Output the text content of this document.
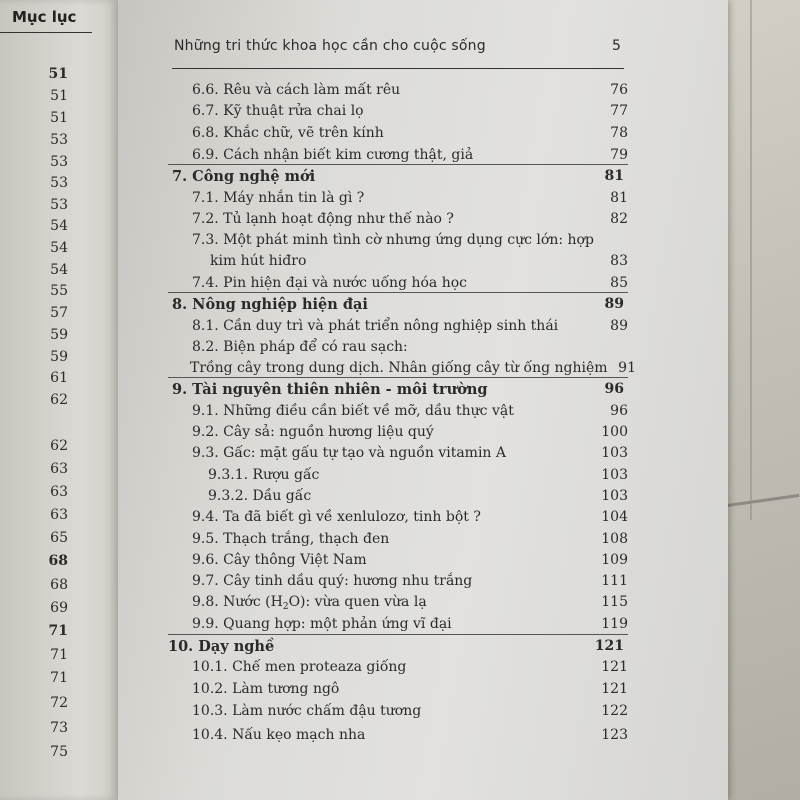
Mục lục
51
51
51
53
53
53
53
54
54
54
55
57
59
59
61
62
62
63
63
63
65
68
68
69
71
71
71
72
73
75
Những tri thức khoa học cần cho cuộc sống	5
6.6. Rêu và cách làm mất rêu	76
6.7. Kỹ thuật rửa chai lọ	77
6.8. Khắc chữ, vẽ trên kính	78
6.9. Cách nhận biết kim cương thật, giả	79
7. Công nghệ mới	81
7.1. Máy nhắn tin là gì ?	81
7.2. Tủ lạnh hoạt động như thế nào ?	82
7.3. Một phát minh tình cờ nhưng ứng dụng cực lớn: hợp
kim hút hiđro	83
7.4. Pin hiện đại và nước uống hóa học	85
8. Nông nghiệp hiện đại	89
8.1. Cần duy trì và phát triển nông nghiệp sinh thái	89
8.2. Biện pháp để có rau sạch:
Trồng cây trong dung dịch. Nhân giống cây từ ống nghiệm 91
9. Tài nguyên thiên nhiên - môi trường	96
9.1. Những điều cần biết về mỡ, dầu thực vật	96
9.2. Cây sả: nguồn hương liệu quý	100
9.3. Gấc: mặt gấu tự tạo và nguồn vitamin A	103
9.3.1. Rượu gấc	103
9.3.2. Dầu gấc	103
9.4. Ta đã biết gì về xenlulozơ, tinh bột ?	104
9.5. Thạch trắng, thạch đen	108
9.6. Cây thông Việt Nam	109
9.7. Cây tinh dầu quý: hương nhu trắng	111
9.8. Nước $(H_2O)$: vừa quen vừa lạ	115
9.9. Quang hợp: một phản ứng vĩ đại	119
10. Dạy nghề	121
10.1. Chế men proteaza giống	121
10.2. Làm tương ngô	121
10.3. Làm nước chấm đậu tương	122
10.4. Nấu kẹo mạch nha	123
